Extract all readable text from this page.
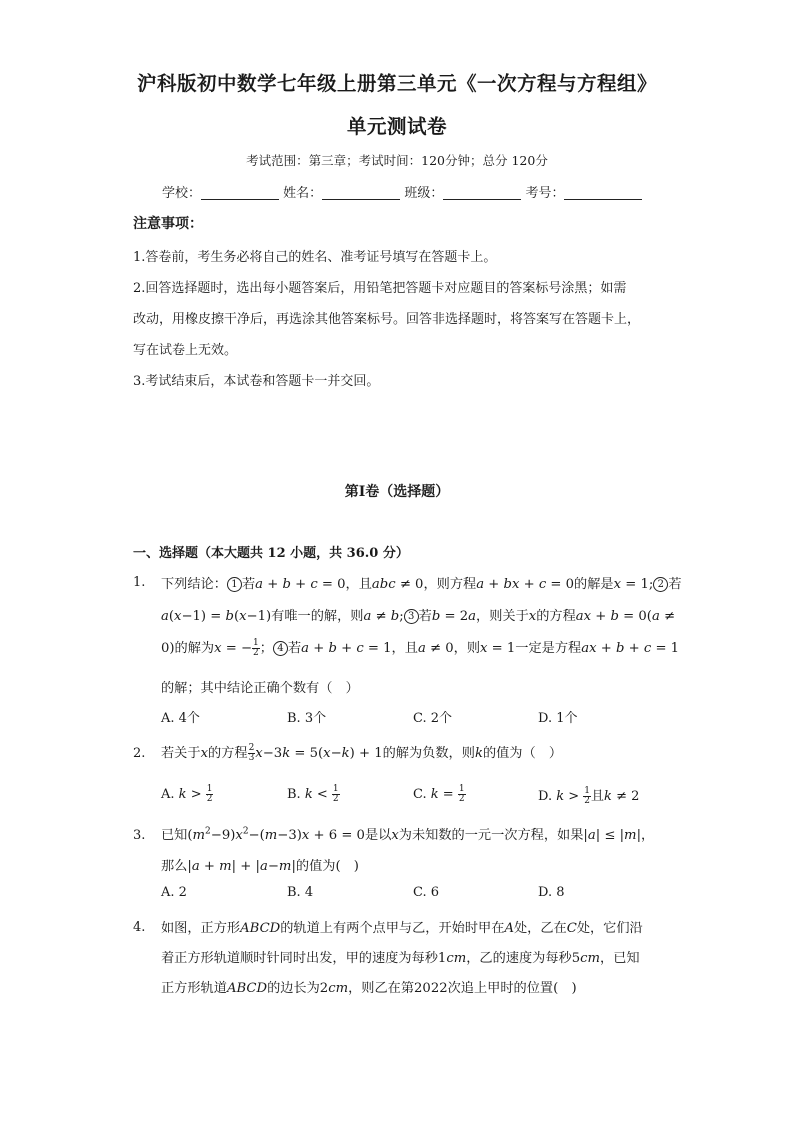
沪科版初中数学七年级上册第三单元《一次方程与方程组》
单元测试卷
考试范围：第三章；考试时间：120分钟；总分 120分
学校：	姓名：	班级：	考号：
注意事项：
1.答卷前，考生务必将自己的姓名、准考证号填写在答题卡上。
2.回答选择题时，选出每小题答案后，用铅笔把答题卡对应题目的答案标号涂黑；如需
改动，用橡皮擦干净后，再选涂其他答案标号。回答非选择题时，将答案写在答题卡上，
写在试卷上无效。
3.考试结束后，本试卷和答题卡一并交回。
第I卷（选择题）
一、选择题（本大题共 12 小题，共 36.0 分）
1. 下列结论： 1 若a + b + c = 0，且abc ≠ 0，则方程a + bx + c = 0的解是x = 1; 2 若
a(x−1) = b(x−1)有唯一的解，则a ≠ b; 3 若b = 2a，则关于x的方程ax + b = 0(a ≠
0)的解为x = − $\frac{1}{2}$ ； 4 若a + b + c = 1，且a ≠ 0，则x = 1一定是方程ax + b + c = 1
的解；其中结论正确个数有（　）
A. 4个	B. 3个	C. 2个	D. 1个
2. 若关于x的方程 $\frac{2}{3} x-3k = 5(x-k) + 1$的解为负数，则k的值为（　）
A. $k > \frac{1}{2}$	B. $k < \frac{1}{2}$	C. $k = \frac{1}{2}$	D. $k > \frac{1}{2}$ 且k ≠ 2
3. 已知$(m^2-9)x^2-(m-3)x + 6 = 0$是以x为未知数的一元一次方程，如果|a| ≤ |m|，
那么|a + m| + |a−m|的值为(　)
A. 2	B. 4	C. 6	D. 8
4. 如图，正方形ABCD的轨道上有两个点甲与乙，开始时甲在A处，乙在C处，它们沿
着正方形轨道顺时针同时出发，甲的速度为每秒1cm，乙的速度为每秒5cm，已知
正方形轨道ABCD的边长为2cm，则乙在第2022次追上甲时的位置(　)
